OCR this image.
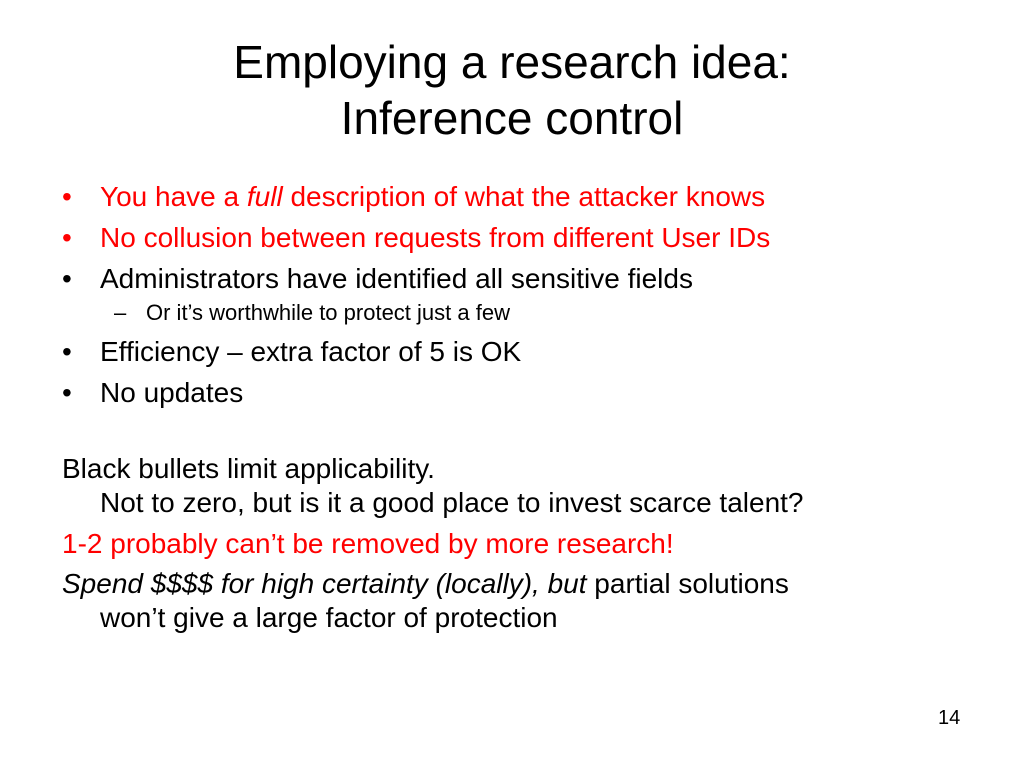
Employing a research idea:
Inference control
• You have a full description of what the attacker knows
• No collusion between requests from different User IDs
• Administrators have identified all sensitive fields
– Or it’s worthwhile to protect just a few
• Efficiency – extra factor of 5 is OK
• No updates
Black bullets limit applicability.
Not to zero, but is it a good place to invest scarce talent?
1-2 probably can’t be removed by more research!
Spend $$$$ for high certainty (locally), but partial solutions
won’t give a large factor of protection
14
